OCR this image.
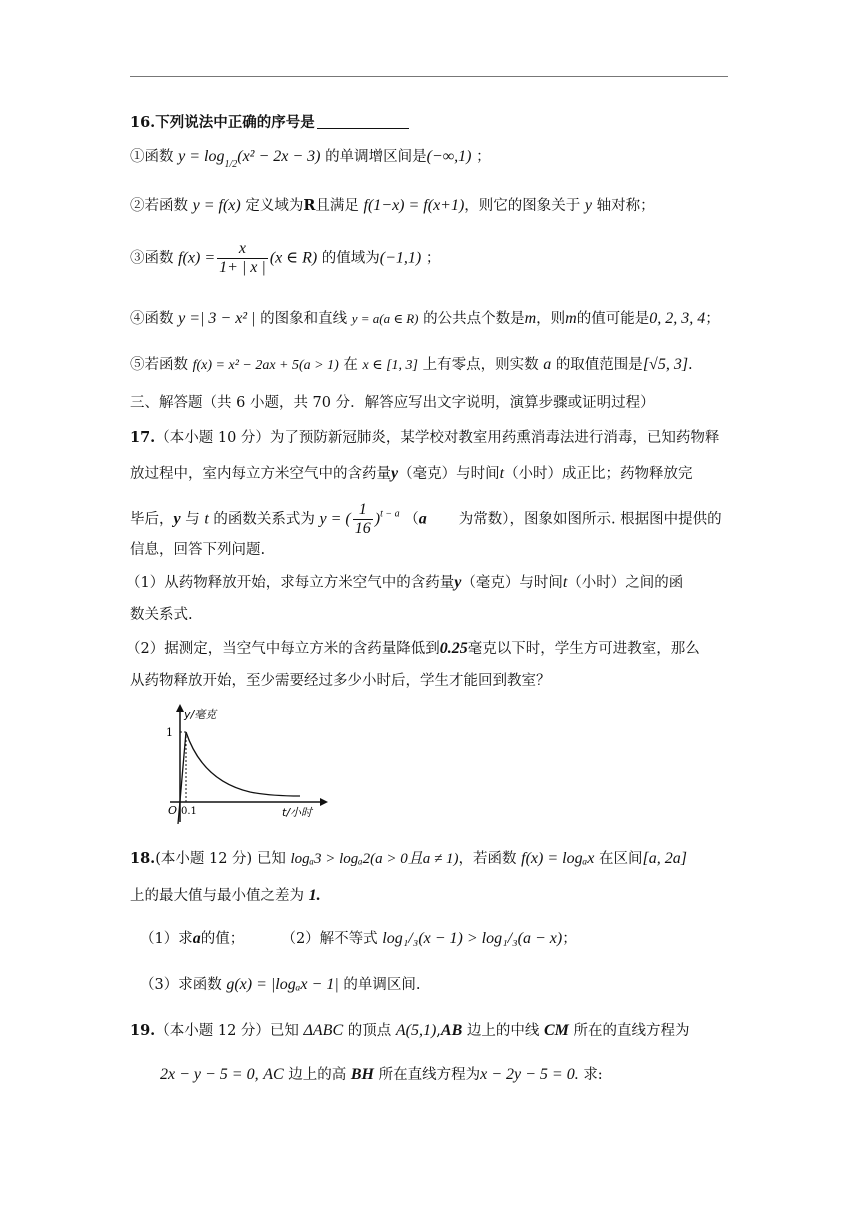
16.下列说法中正确的序号是
①函数 $y = \log_{1/2}(x^2 - 2x - 3)$ 的单调增区间是(−∞,1) ；
②若函数 y = f(x) 定义域为R且满足 f(1−x) = f(x+1)，则它的图象关于 y 轴对称；
③函数 $f(x) = \frac{x}{1+ | x |} (x$ ∈ R) 的值域为(−1,1) ；
④函数 y =| 3 − x² | 的图象和直线 y = a(a ∈ R) 的公共点个数是m，则m的值可能是0, 2, 3, 4；
⑤若函数 f(x) = x² − 2ax + 5(a > 1) 在 x ∈ [1, 3] 上有零点，则实数 a 的取值范围是[√5, 3].
三、解答题（共 6 小题，共 70 分．解答应写出文字说明，演算步骤或证明过程）
17.（本小题 10 分）为了预防新冠肺炎，某学校对教室用药熏消毒法进行消毒，已知药物释
放过程中，室内每立方米空气中的含药量y（毫克）与时间t（小时）成正比；药物释放完
毕后，y 与 t 的函数关系式为 y = ( $\frac{1}{16} )^{t - a}$ （a 为常数），图象如图所示. 根据图中提供的
信息，回答下列问题.
（1）从药物释放开始，求每立方米空气中的含药量y（毫克）与时间t（小时）之间的函
数关系式.
（2）据测定，当空气中每立方米的含药量降低到0.25毫克以下时，学生方可进教室，那么
从药物释放开始，至少需要经过多少小时后，学生才能回到教室？
y/毫克
1
O 0.1	t/小时
18.(本小题 12 分) 已知 logₐ3 > logₐ2(a > 0且a ≠ 1)，若函数 f(x) = logₐx 在区间[a, 2a]
上的最大值与最小值之差为 1.
（1）求a的值；	（2）解不等式 log₁/₃(x − 1) > log₁/₃(a − x)；
（3）求函数 g(x) = |logₐx − 1| 的单调区间.
19.（本小题 12 分）已知 ΔABC 的顶点 A(5,1),AB 边上的中线 CM 所在的直线方程为
2x − y − 5 = 0, AC 边上的高 BH 所在直线方程为x − 2y − 5 = 0. 求:
